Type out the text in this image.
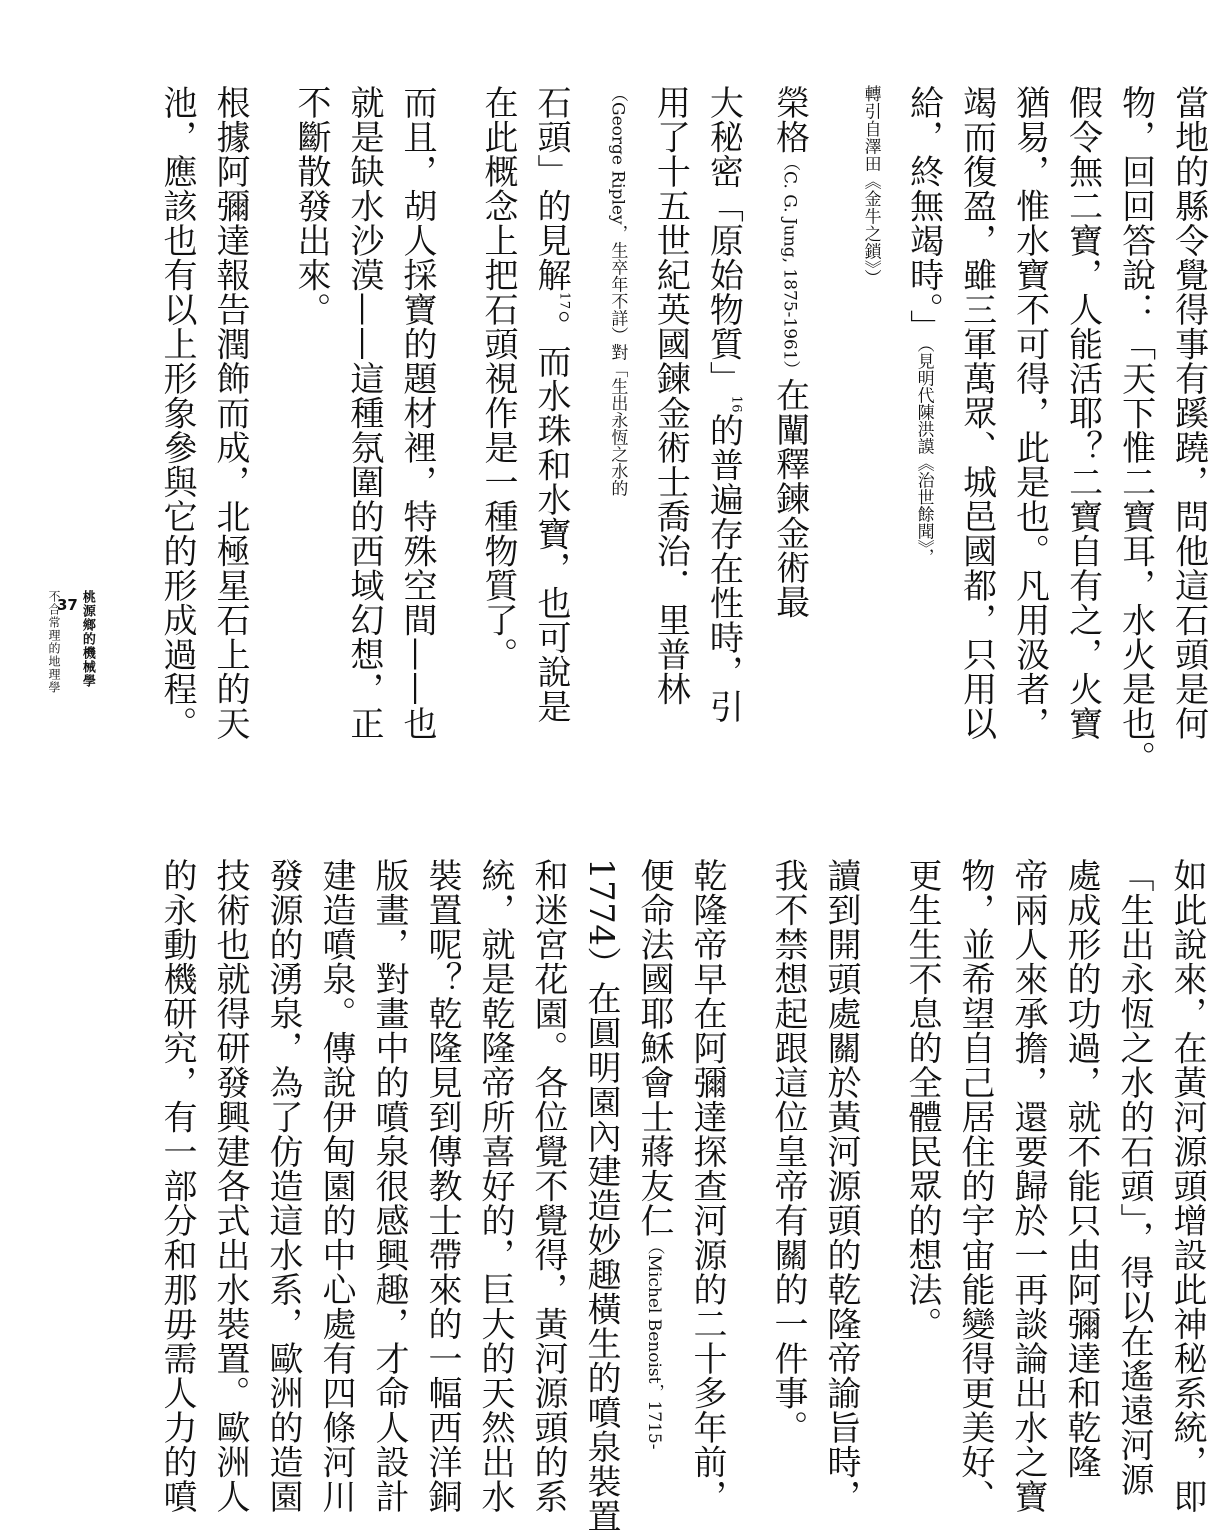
當地的縣令覺得事有蹊蹺，問他這石頭是何
物，回回答說：「天下惟二寶耳，水火是也。
假令無二寶，人能活耶？二寶自有之，火寶
猶易，惟水寶不可得，此是也。凡用汲者，
竭而復盈，雖三軍萬眾、城邑國都，只用以
給，終無竭時。」（見明代陳洪謨《治世餘聞》，
轉引自澤田《金牛之鎖》）
榮格（C. G. Jung, 1875-1961）在闡釋鍊金術最
大秘密「原始物質」$^{16}$的普遍存在性時，引
用了十五世紀英國鍊金術士喬治．里普林
（George Ripley，生卒年不詳）對「生出永恆之水的
石頭」的見解$^{17}$。而水珠和水寶，也可說是
在此概念上把石頭視作是一種物質了。
而且，胡人採寶的題材裡，特殊空間——也
就是缺水沙漠——這種氛圍的西域幻想，正
不斷散發出來。
根據阿彌達報告潤飾而成，北極星石上的天
池，應該也有以上形象參與它的形成過程。
如此說來，在黃河源頭增設此神秘系統，即
「生出永恆之水的石頭」，得以在遙遠河源
處成形的功過，就不能只由阿彌達和乾隆
帝兩人來承擔，還要歸於一再談論出水之寶
物，並希望自己居住的宇宙能變得更美好、
更生生不息的全體民眾的想法。
讀到開頭處關於黃河源頭的乾隆帝諭旨時，
我不禁想起跟這位皇帝有關的一件事。
乾隆帝早在阿彌達探查河源的二十多年前，
便命法國耶穌會士蔣友仁（Michel Benoist，1715-
1774）在圓明園內建造妙趣橫生的噴泉裝置
和迷宮花園。各位覺不覺得，黃河源頭的系
統，就是乾隆帝所喜好的，巨大的天然出水
裝置呢？乾隆見到傳教士帶來的一幅西洋銅
版畫，對畫中的噴泉很感興趣，才命人設計
建造噴泉。傳說伊甸園的中心處有四條河川
發源的湧泉，為了仿造這水系，歐洲的造園
技術也就得研發興建各式出水裝置。歐洲人
的永動機研究，有一部分和那毋需人力的噴
桃源鄉的機械學
37
不合常理的地理學
